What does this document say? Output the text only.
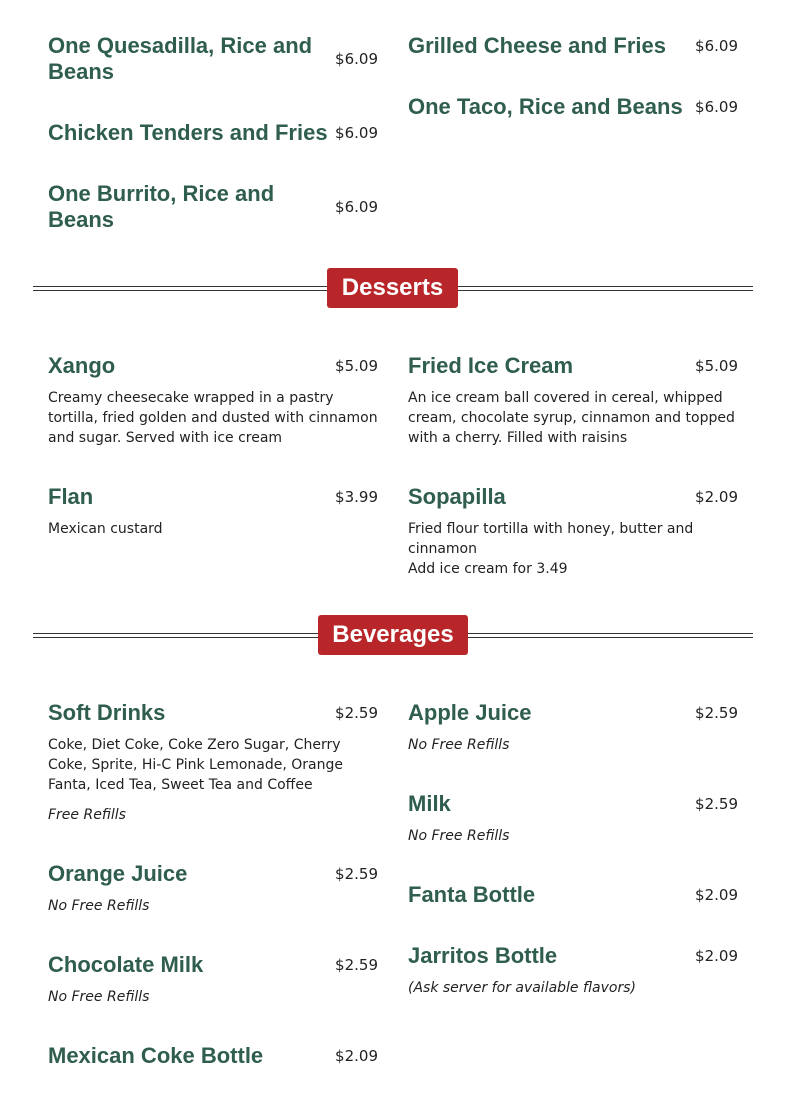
One Quesadilla, Rice and Beans	$6.09
Chicken Tenders and Fries $6.09
One Burrito, Rice and Beans	$6.09
Grilled Cheese and Fries	$6.09
One Taco, Rice and Beans $6.09
Desserts
Xango	$5.09
Creamy cheesecake wrapped in a pastry tortilla, fried golden and dusted with cinnamon and sugar. Served with ice cream
Flan	$3.99
Mexican custard
Fried Ice Cream	$5.09
An ice cream ball covered in cereal, whipped cream, chocolate syrup, cinnamon and topped with a cherry. Filled with raisins
Sopapilla	$2.09
Fried flour tortilla with honey, butter and cinnamon
Add ice cream for 3.49
Beverages
Soft Drinks	$2.59
Coke, Diet Coke, Coke Zero Sugar, Cherry Coke, Sprite, Hi-C Pink Lemonade, Orange Fanta, Iced Tea, Sweet Tea and Coffee
Free Refills
Orange Juice	$2.59
No Free Refills
Chocolate Milk	$2.59
No Free Refills
Mexican Coke Bottle	$2.09
Apple Juice	$2.59
No Free Refills
Milk	$2.59
No Free Refills
Fanta Bottle	$2.09
Jarritos Bottle	$2.09
(Ask server for available flavors)
